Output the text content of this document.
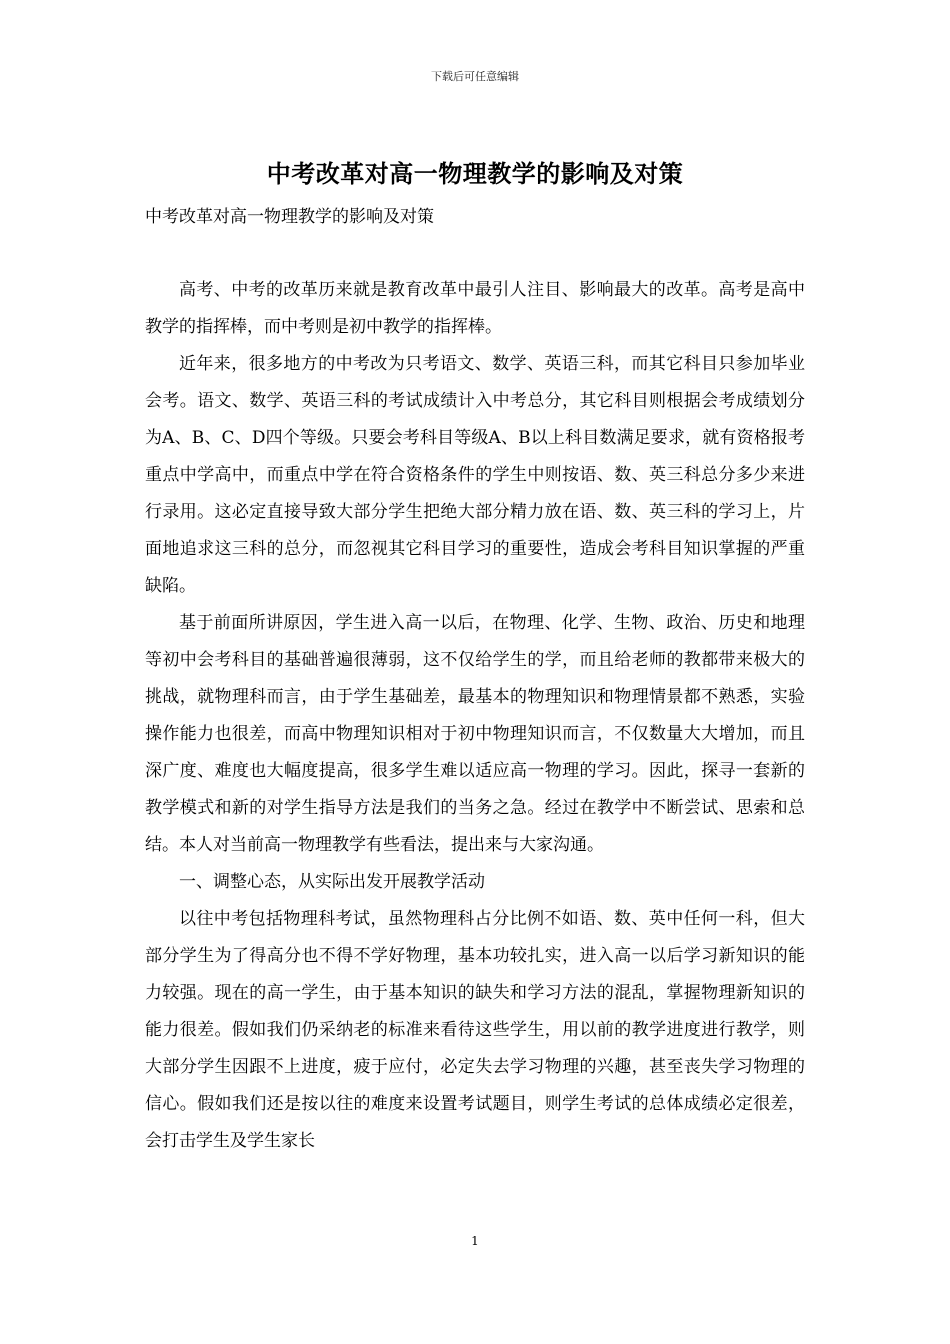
下载后可任意编辑
中考改革对高一物理教学的影响及对策
中考改革对高一物理教学的影响及对策

高考、中考的改革历来就是教育改革中最引人注目、影响最大的改革。高考是高中教学的指挥棒，而中考则是初中教学的指挥棒。

近年来，很多地方的中考改为只考语文、数学、英语三科，而其它科目只参加毕业会考。语文、数学、英语三科的考试成绩计入中考总分，其它科目则根据会考成绩划分为A、B、C、D四个等级。只要会考科目等级A、B以上科目数满足要求，就有资格报考重点中学高中，而重点中学在符合资格条件的学生中则按语、数、英三科总分多少来进行录用。这必定直接导致大部分学生把绝大部分精力放在语、数、英三科的学习上，片面地追求这三科的总分，而忽视其它科目学习的重要性，造成会考科目知识掌握的严重缺陷。

基于前面所讲原因，学生进入高一以后，在物理、化学、生物、政治、历史和地理等初中会考科目的基础普遍很薄弱，这不仅给学生的学，而且给老师的教都带来极大的挑战，就物理科而言，由于学生基础差，最基本的物理知识和物理情景都不熟悉，实验操作能力也很差，而高中物理知识相对于初中物理知识而言，不仅数量大大增加，而且深广度、难度也大幅度提高，很多学生难以适应高一物理的学习。因此，探寻一套新的教学模式和新的对学生指导方法是我们的当务之急。经过在教学中不断尝试、思索和总结。本人对当前高一物理教学有些看法，提出来与大家沟通。

一、调整心态，从实际出发开展教学活动

以往中考包括物理科考试，虽然物理科占分比例不如语、数、英中任何一科，但大部分学生为了得高分也不得不学好物理，基本功较扎实，进入高一以后学习新知识的能力较强。现在的高一学生，由于基本知识的缺失和学习方法的混乱，掌握物理新知识的能力很差。假如我们仍采纳老的标准来看待这些学生，用以前的教学进度进行教学，则大部分学生因跟不上进度，疲于应付，必定失去学习物理的兴趣，甚至丧失学习物理的信心。假如我们还是按以往的难度来设置考试题目，则学生考试的总体成绩必定很差，会打击学生及学生家长

1
